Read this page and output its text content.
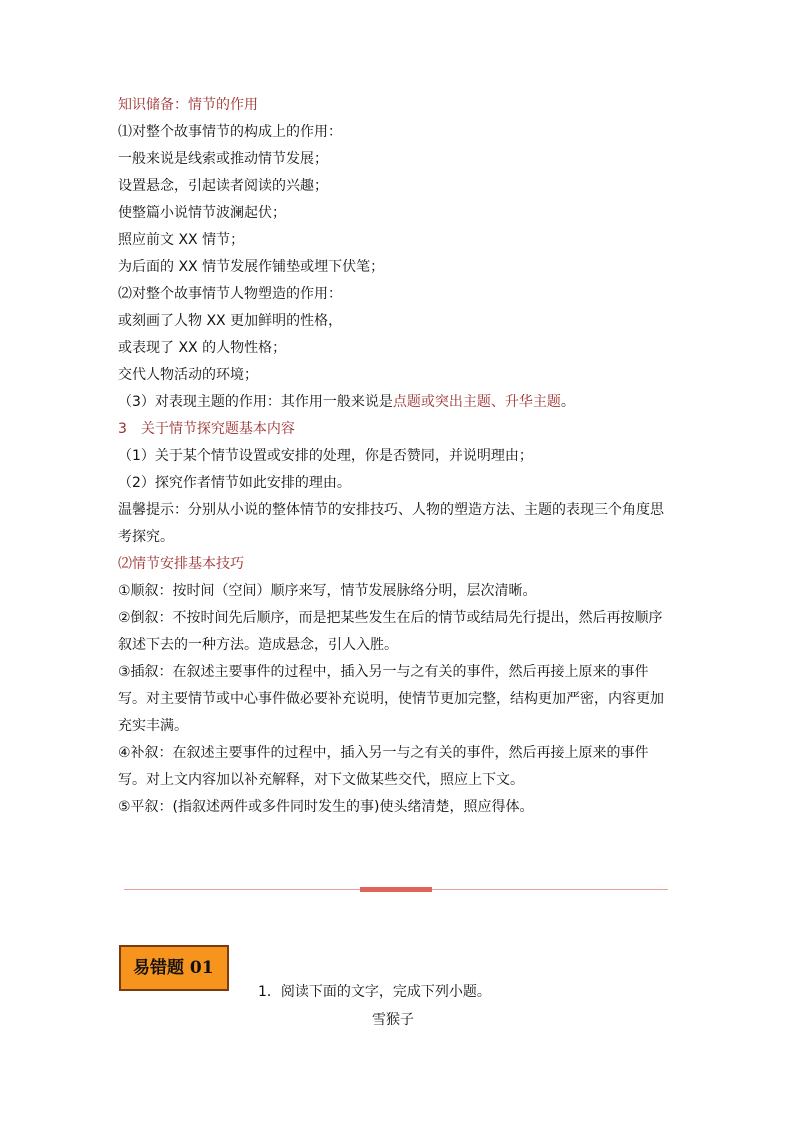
知识储备：情节的作用
⑴对整个故事情节的构成上的作用：
一般来说是线索或推动情节发展；
设置悬念，引起读者阅读的兴趣；
使整篇小说情节波澜起伏；
照应前文 XX 情节；
为后面的 XX 情节发展作铺垫或埋下伏笔；
⑵对整个故事情节人物塑造的作用：
或刻画了人物 XX 更加鲜明的性格，
或表现了 XX 的人物性格；
交代人物活动的环境；
（3）对表现主题的作用：其作用一般来说是点题或突出主题、升华主题。
3　关于情节探究题基本内容
（1）关于某个情节设置或安排的处理，你是否赞同，并说明理由；
（2）探究作者情节如此安排的理由。
温馨提示：分别从小说的整体情节的安排技巧、人物的塑造方法、主题的表现三个角度思考探究。
⑵情节安排基本技巧
①顺叙：按时间（空间）顺序来写，情节发展脉络分明，层次清晰。
②倒叙：不按时间先后顺序，而是把某些发生在后的情节或结局先行提出，然后再按顺序叙述下去的一种方法。造成悬念，引人入胜。
③插叙：在叙述主要事件的过程中，插入另一与之有关的事件，然后再接上原来的事件写。对主要情节或中心事件做必要补充说明，使情节更加完整，结构更加严密，内容更加充实丰满。
④补叙：在叙述主要事件的过程中，插入另一与之有关的事件，然后再接上原来的事件写。对上文内容加以补充解释，对下文做某些交代，照应上下文。
⑤平叙：(指叙述两件或多件同时发生的事)使头绪清楚，照应得体。
易错题 01
1．阅读下面的文字，完成下列小题。
雪猴子
